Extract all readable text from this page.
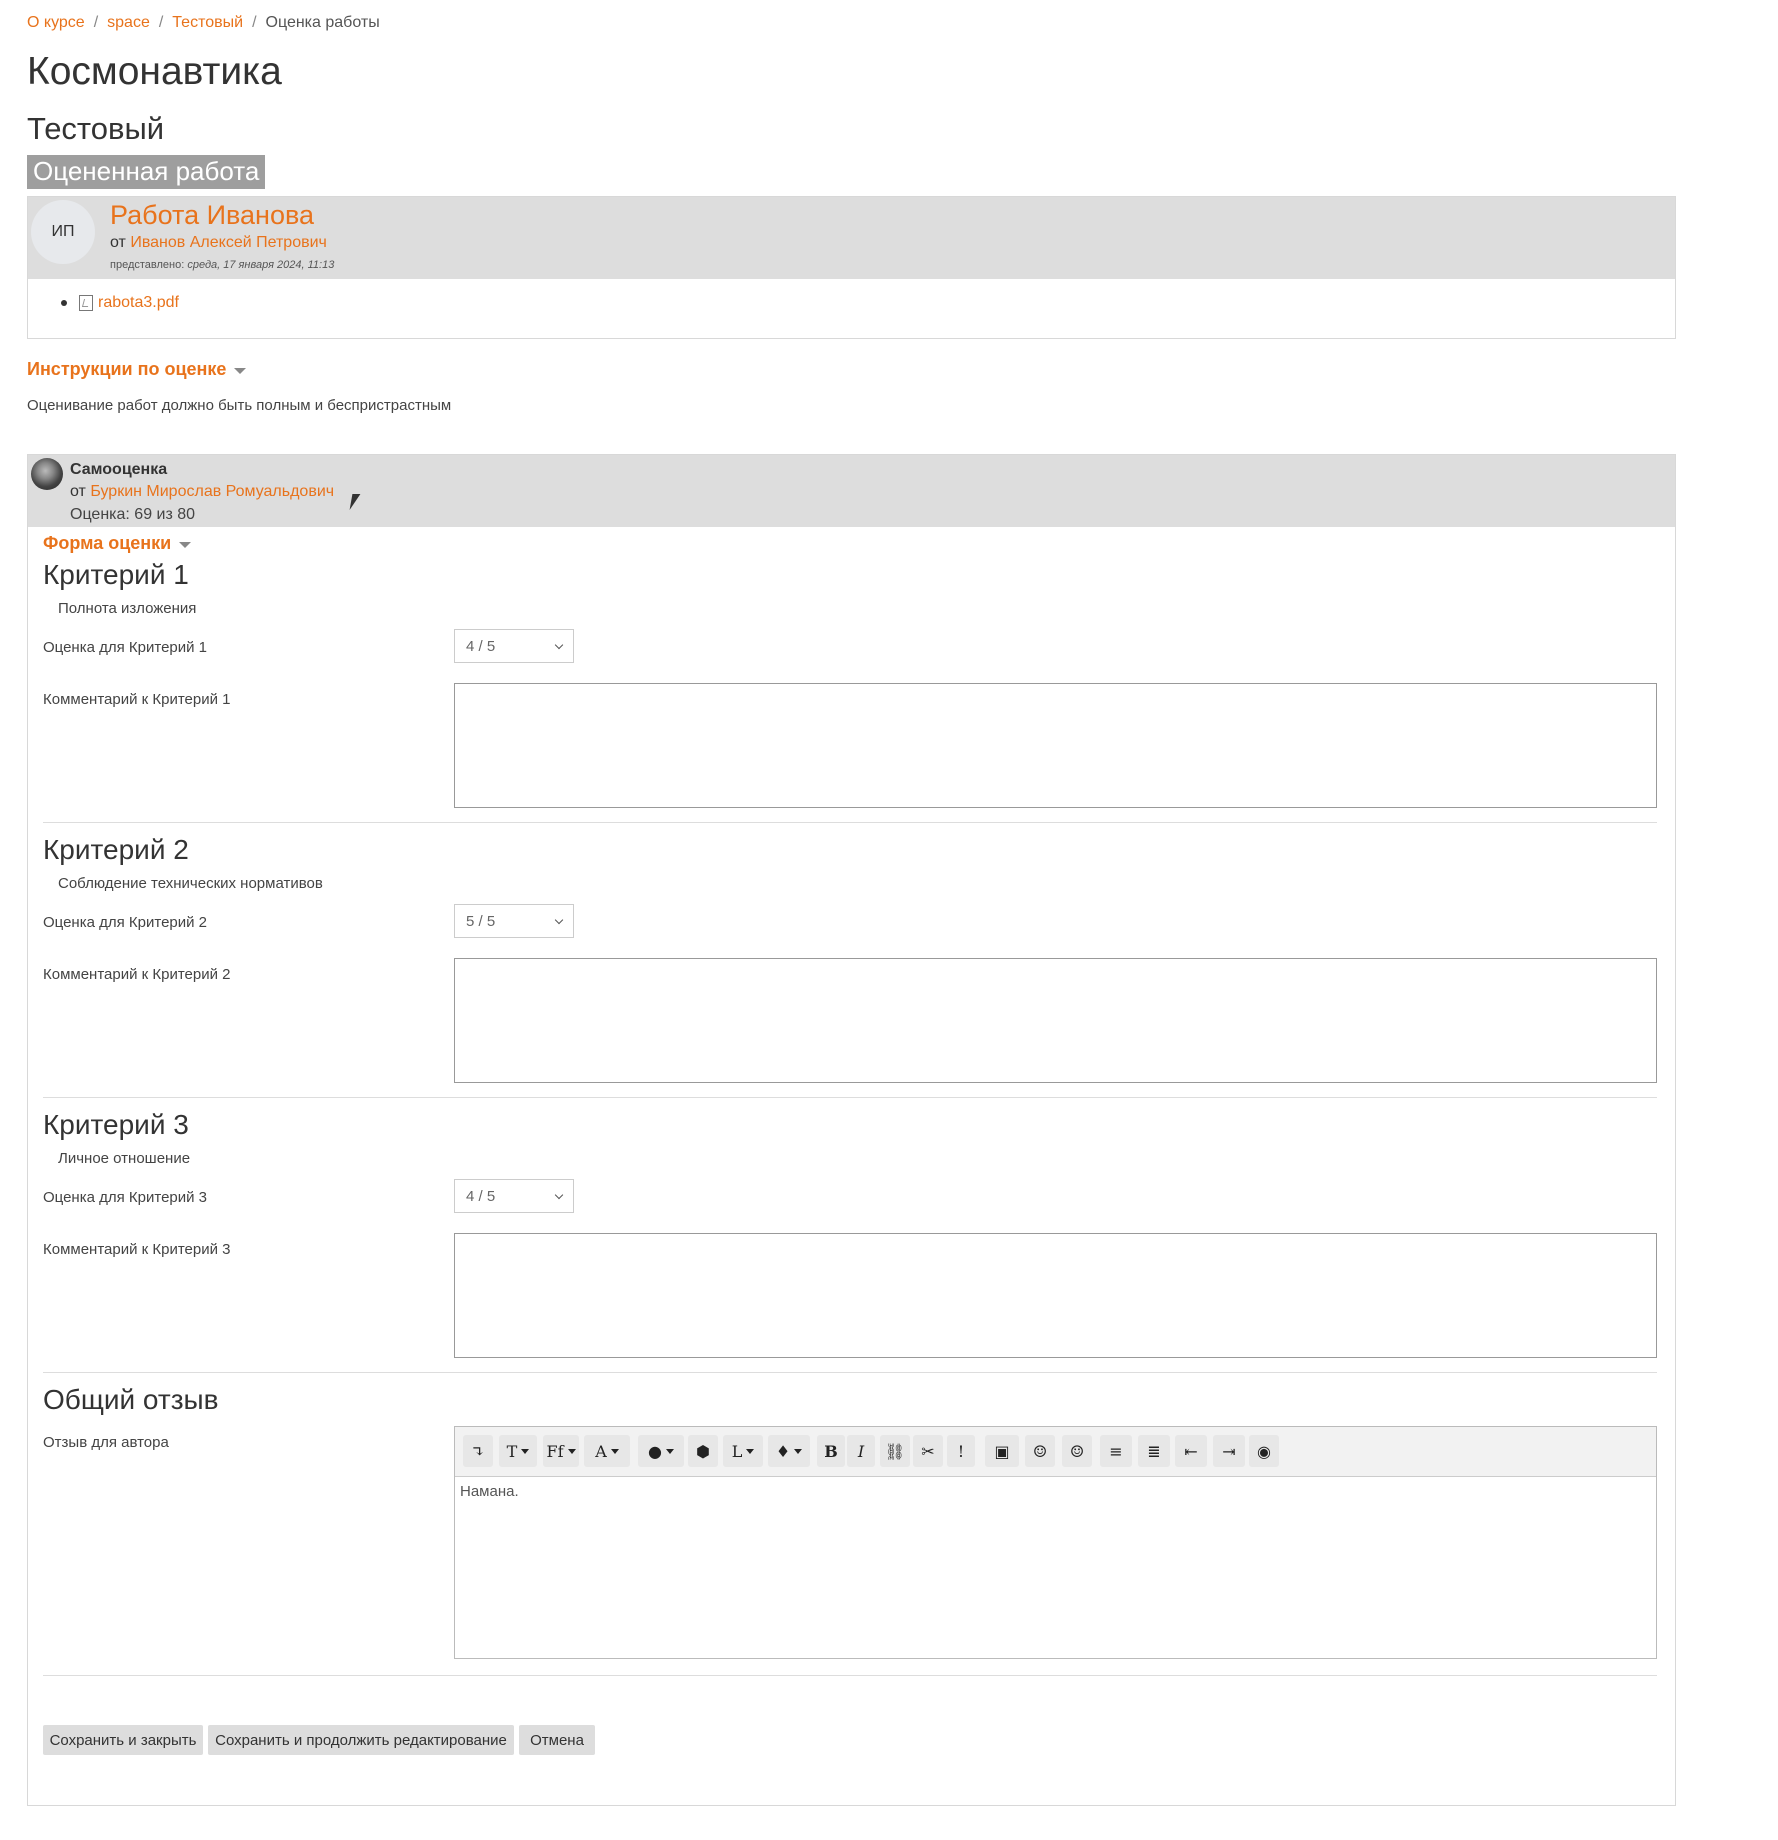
О курсе / space / Тестовый / Оценка работы
Космонавтика
Тестовый
Оцененная работа
ИП
Работа Иванова
от Иванов Алексей Петрович
представлено: среда, 17 января 2024, 11:13
rabota3.pdf
Инструкции по оценке
Оценивание работ должно быть полным и беспристрастным
Самооценка
от Буркин Мирослав Ромуальдович
Оценка: 69 из 80
Форма оценки
Критерий 1
Полнота изложения
Оценка для Критерий 1	4 / 5
Комментарий к Критерий 1
Критерий 2
Соблюдение технических нормативов
Оценка для Критерий 2	5 / 5
Комментарий к Критерий 2
Критерий 3
Личное отношение
Оценка для Критерий 3	4 / 5
Комментарий к Критерий 3
Общий отзыв
Отзыв для автора	↴ T Ff A	● ⬢ L ♦ B I ⛓ ✂ ! ▣ ☺ ☺ ≡ ≣ ⇤ ⇥ ◉
Намана.
Сохранить и закрыть	Сохранить и продолжить редактирование	Отмена
